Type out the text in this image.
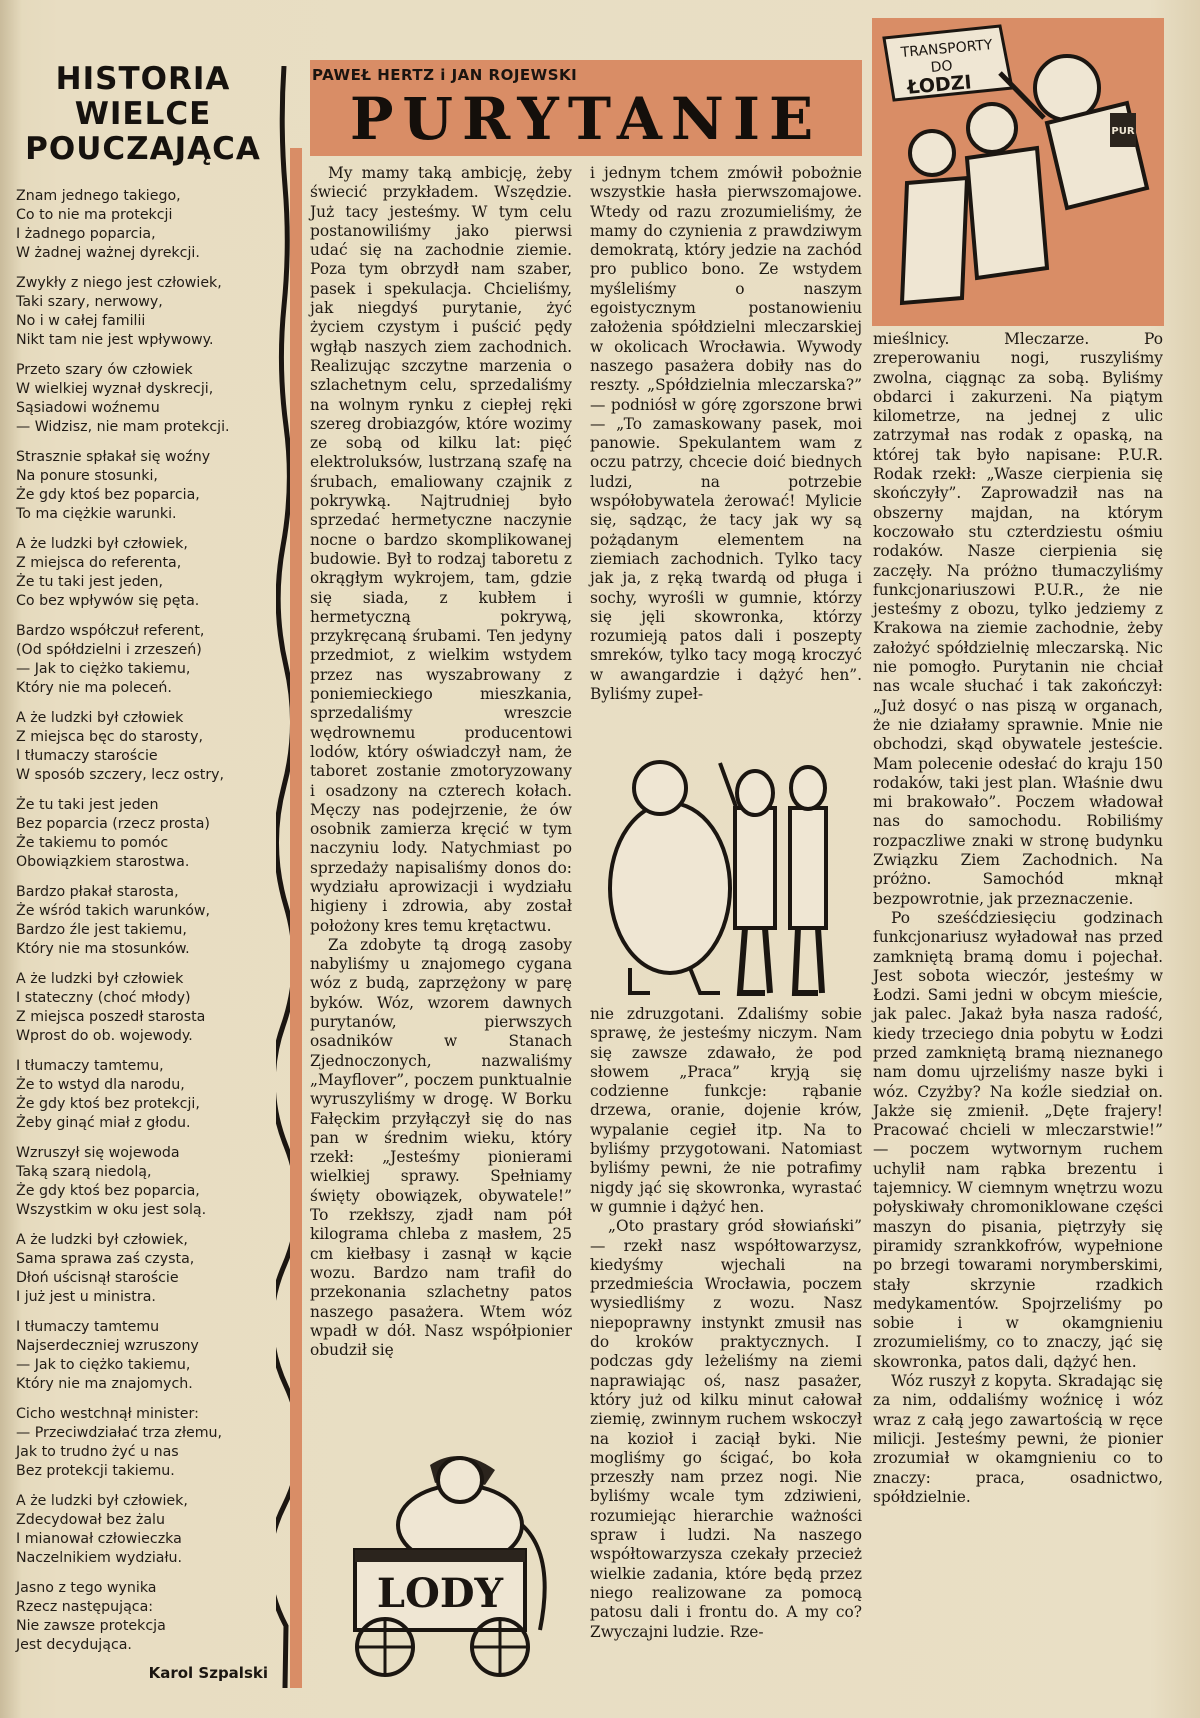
HISTORIA
WIELCE
POUCZAJĄCA
Znam jednego takiego,
Co to nie ma protekcji
I żadnego poparcia,
W żadnej ważnej dyrekcji.
Zwykły z niego jest człowiek,
Taki szary, nerwowy,
No i w całej familii
Nikt tam nie jest wpływowy.
Przeto szary ów człowiek
W wielkiej wyznał dyskrecji,
Sąsiadowi woźnemu
— Widzisz, nie mam protekcji.
Strasznie spłakał się woźny
Na ponure stosunki,
Że gdy ktoś bez poparcia,
To ma ciężkie warunki.
A że ludzki był człowiek,
Z miejsca do referenta,
Że tu taki jest jeden,
Co bez wpływów się pęta.
Bardzo współczuł referent,
(Od spółdzielni i zrzeszeń)
— Jak to ciężko takiemu,
Który nie ma poleceń.
A że ludzki był człowiek
Z miejsca bęc do starosty,
I tłumaczy staroście
W sposób szczery, lecz ostry,
Że tu taki jest jeden
Bez poparcia (rzecz prosta)
Że takiemu to pomóc
Obowiązkiem starostwa.
Bardzo płakał starosta,
Że wśród takich warunków,
Bardzo źle jest takiemu,
Który nie ma stosunków.
A że ludzki był człowiek
I stateczny (choć młody)
Z miejsca poszedł starosta
Wprost do ob. wojewody.
I tłumaczy tamtemu,
Że to wstyd dla narodu,
Że gdy ktoś bez protekcji,
Żeby ginąć miał z głodu.
Wzruszył się wojewoda
Taką szarą niedolą,
Że gdy ktoś bez poparcia,
Wszystkim w oku jest solą.
A że ludzki był człowiek,
Sama sprawa zaś czysta,
Dłoń uścisnął staroście
I już jest u ministra.
I tłumaczy tamtemu
Najserdeczniej wzruszony
— Jak to ciężko takiemu,
Który nie ma znajomych.
Cicho westchnął minister:
— Przeciwdziałać trza złemu,
Jak to trudno żyć u nas
Bez protekcji takiemu.
A że ludzki był człowiek,
Zdecydował bez żalu
I mianował człowieczka
Naczelnikiem wydziału.
Jasno z tego wynika
Rzecz następująca:
Nie zawsze protekcja
Jest decydująca.
Karol Szpalski
PAWEŁ HERTZ i JAN ROJEWSKI
PURYTANIE

My mamy taką ambicję, żeby świecić przykładem. Wszędzie. Już tacy jesteśmy. W tym celu postanowiliśmy jako pierwsi udać się na zachodnie ziemie. Poza tym obrzydł nam szaber, pasek i spekulacja. Chcieliśmy, jak niegdyś purytanie, żyć życiem czystym i puścić pędy wgłąb naszych ziem zachodnich. Realizując szczytne marzenia o szlachetnym celu, sprzedaliśmy na wolnym rynku z ciepłej ręki szereg drobiazgów, które wozimy ze sobą od kilku lat: pięć elektroluksów, lustrzaną szafę na śrubach, emaliowany czajnik z pokrywką. Najtrudniej było sprzedać hermetyczne naczynie nocne o bardzo skomplikowanej budowie. Był to rodzaj taboretu z okrągłym wykrojem, tam, gdzie się siada, z kubłem i hermetyczną pokrywą, przykręcaną śrubami. Ten jedyny przedmiot, z wielkim wstydem przez nas wyszabrowany z poniemieckiego mieszkania, sprzedaliśmy wreszcie wędrownemu producentowi lodów, który oświadczył nam, że taboret zostanie zmotoryzowany i osadzony na czterech kołach. Męczy nas podejrzenie, że ów osobnik zamierza kręcić w tym naczyniu lody. Natychmiast po sprzedaży napisaliśmy donos do: wydziału aprowizacji i wydziału higieny i zdrowia, aby został położony kres temu krętactwu.

Za zdobyte tą drogą zasoby nabyliśmy u znajomego cygana wóz z budą, zaprzężony w parę byków. Wóz, wzorem dawnych purytanów, pierwszych osadników w Stanach Zjednoczonych, nazwaliśmy „Mayflover”, poczem punktualnie wyruszyliśmy w drogę. W Borku Fałęckim przyłączył się do nas pan w średnim wieku, który rzekł: „Jesteśmy pionierami wielkiej sprawy. Spełniamy święty obowiązek, obywatele!” To rzekłszy, zjadł nam pół kilograma chleba z masłem, 25 cm kiełbasy i zasnął w kącie wozu. Bardzo nam trafił do przekonania szlachetny patos naszego pasażera. Wtem wóz wpadł w dół. Nasz współpionier obudził się

LODY

i jednym tchem zmówił pobożnie wszystkie hasła pierwszomajowe. Wtedy od razu zrozumieliśmy, że mamy do czynienia z prawdziwym demokratą, który jedzie na zachód pro publico bono. Ze wstydem myśleliśmy o naszym egoistycznym postanowieniu założenia spółdzielni mleczarskiej w okolicach Wrocławia. Wywody naszego pasażera dobiły nas do reszty. „Spółdzielnia mleczarska?” — podniósł w górę zgorszone brwi — „To zamaskowany pasek, moi panowie. Spekulantem wam z oczu patrzy, chcecie doić biednych ludzi, na potrzebie współobywatela żerować! Mylicie się, sądząc, że tacy jak wy są pożądanym elementem na ziemiach zachodnich. Tylko tacy jak ja, z ręką twardą od pługa i sochy, wyrośli w gumnie, którzy się jęli skowronka, którzy rozumieją patos dali i poszepty smreków, tylko tacy mogą kroczyć w awangardzie i dążyć hen”. Byliśmy zupeł-

nie zdruzgotani. Zdaliśmy sobie sprawę, że jesteśmy niczym. Nam się zawsze zdawało, że pod słowem „Praca” kryją się codzienne funkcje: rąbanie drzewa, oranie, dojenie krów, wypalanie cegieł itp. Na to byliśmy przygotowani. Natomiast byliśmy pewni, że nie potrafimy nigdy jąć się skowronka, wyrastać w gumnie i dążyć hen.

„Oto prastary gród słowiański” — rzekł nasz współtowarzysz, kiedyśmy wjechali na przedmieścia Wrocławia, poczem wysiedliśmy z wozu. Nasz niepoprawny instynkt zmusił nas do kroków praktycznych. I podczas gdy leżeliśmy na ziemi naprawiając oś, nasz pasażer, który już od kilku minut całował ziemię, zwinnym ruchem wskoczył na kozioł i zaciął byki. Nie mogliśmy go ścigać, bo koła przeszły nam przez nogi. Nie byliśmy wcale tym zdziwieni, rozumiejąc hierarchie ważności spraw i ludzi. Na naszego współtowarzysza czekały przecież wielkie zadania, które będą przez niego realizowane za pomocą patosu dali i frontu do. A my co? Zwyczajni ludzie. Rze-

TRANSPORTY
DO
ŁODZI
PUR

mieślnicy. Mleczarze. Po zreperowaniu nogi, ruszyliśmy zwolna, ciągnąc za sobą. Byliśmy obdarci i zakurzeni. Na piątym kilometrze, na jednej z ulic zatrzymał nas rodak z opaską, na której tak było napisane: P.U.R. Rodak rzekł: „Wasze cierpienia się skończyły”. Zaprowadził nas na obszerny majdan, na którym koczowało stu czterdziestu ośmiu rodaków. Nasze cierpienia się zaczęły. Na próżno tłumaczyliśmy funkcjonariuszowi P.U.R., że nie jesteśmy z obozu, tylko jedziemy z Krakowa na ziemie zachodnie, żeby założyć spółdzielnię mleczarską. Nic nie pomogło. Purytanin nie chciał nas wcale słuchać i tak zakończył: „Już dosyć o nas piszą w organach, że nie działamy sprawnie. Mnie nie obchodzi, skąd obywatele jesteście. Mam polecenie odesłać do kraju 150 rodaków, taki jest plan. Właśnie dwu mi brakowało”. Poczem władował nas do samochodu. Robiliśmy rozpaczliwe znaki w stronę budynku Związku Ziem Zachodnich. Na próżno. Samochód mknął bezpowrotnie, jak przeznaczenie.

Po sześćdziesięciu godzinach funkcjonariusz wyładował nas przed zamkniętą bramą domu i pojechał. Jest sobota wieczór, jesteśmy w Łodzi. Sami jedni w obcym mieście, jak palec. Jakaż była nasza radość, kiedy trzeciego dnia pobytu w Łodzi przed zamkniętą bramą nieznanego nam domu ujrzeliśmy nasze byki i wóz. Czyżby? Na koźle siedział on. Jakże się zmienił. „Dęte frajery! Pracować chcieli w mleczarstwie!” — poczem wytwornym ruchem uchylił nam rąbka brezentu i tajemnicy. W ciemnym wnętrzu wozu połyskiwały chromoniklowane części maszyn do pisania, piętrzyły się piramidy szrankkofrów, wypełnione po brzegi towarami norymberskimi, stały skrzynie rzadkich medykamentów. Spojrzeliśmy po sobie i w okamgnieniu zrozumieliśmy, co to znaczy, jąć się skowronka, patos dali, dążyć hen.

Wóz ruszył z kopyta. Skradając się za nim, oddaliśmy woźnicę i wóz wraz z całą jego zawartością w ręce milicji. Jesteśmy pewni, że pionier zrozumiał w okamgnieniu co to znaczy: praca, osadnictwo, spółdzielnie.
